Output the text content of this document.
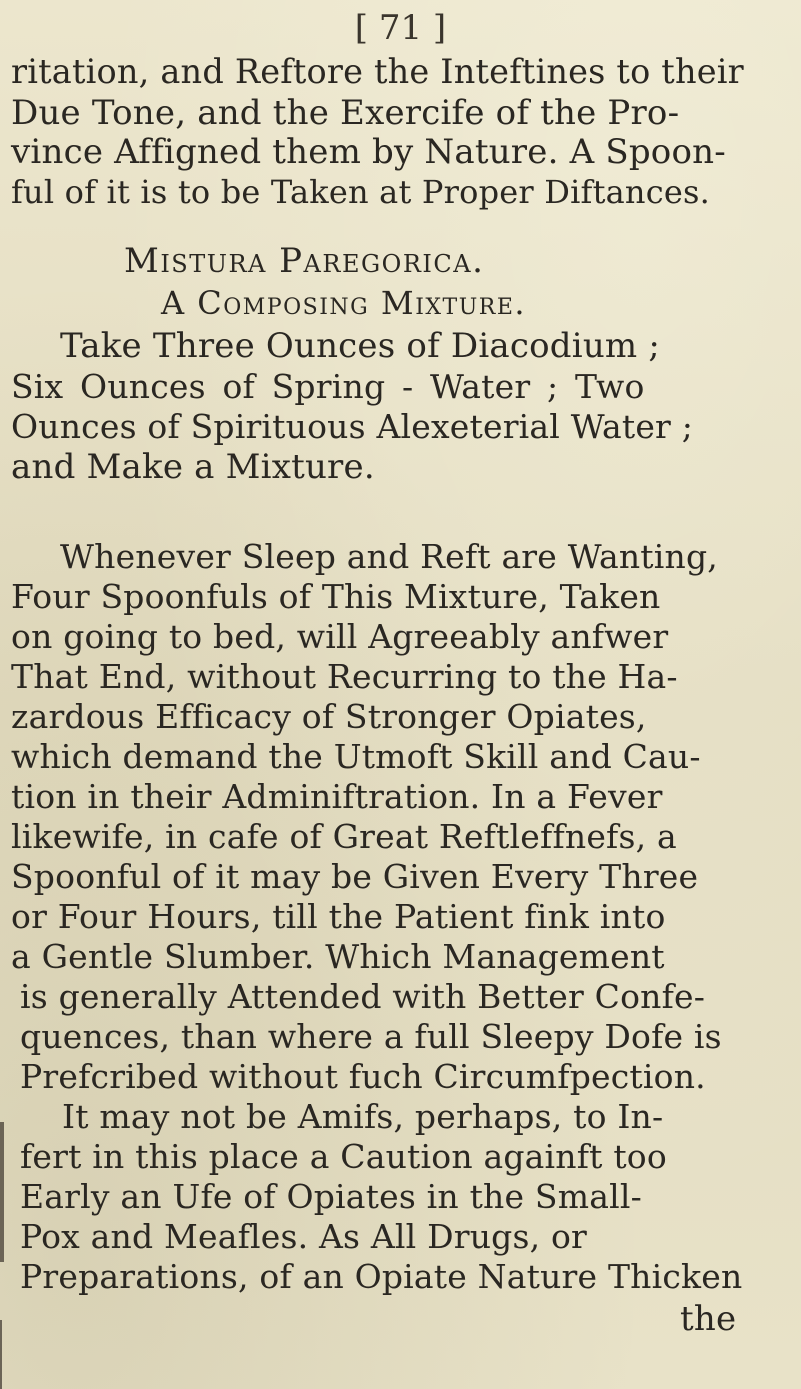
[ 71 ]
ritation, and Reftore the Inteftines to their
Due Tone, and the Exercife of the Pro-
vince Affigned them by Nature. A Spoon-
ful of it is to be Taken at Proper Diftances.
Mistura Paregorica.
A Composing Mixture.
Take Three Ounces of Diacodium ;
Six Ounces of Spring - Water ; Two
Ounces of Spirituous Alexeterial Water ;
and Make a Mixture.
Whenever Sleep and Reft are Wanting,
Four Spoonfuls of This Mixture, Taken
on going to bed, will Agreeably anfwer
That End, without Recurring to the Ha-
zardous Efficacy of Stronger Opiates,
which demand the Utmoft Skill and Cau-
tion in their Adminiftration. In a Fever
likewife, in cafe of Great Reftleffnefs, a
Spoonful of it may be Given Every Three
or Four Hours, till the Patient fink into
a Gentle Slumber. Which Management
is generally Attended with Better Confe-
quences, than where a full Sleepy Dofe is
Prefcribed without fuch Circumfpection.
It may not be Amifs, perhaps, to In-
fert in this place a Caution againft too
Early an Ufe of Opiates in the Small-
Pox and Meafles. As All Drugs, or
Preparations, of an Opiate Nature Thicken
the
